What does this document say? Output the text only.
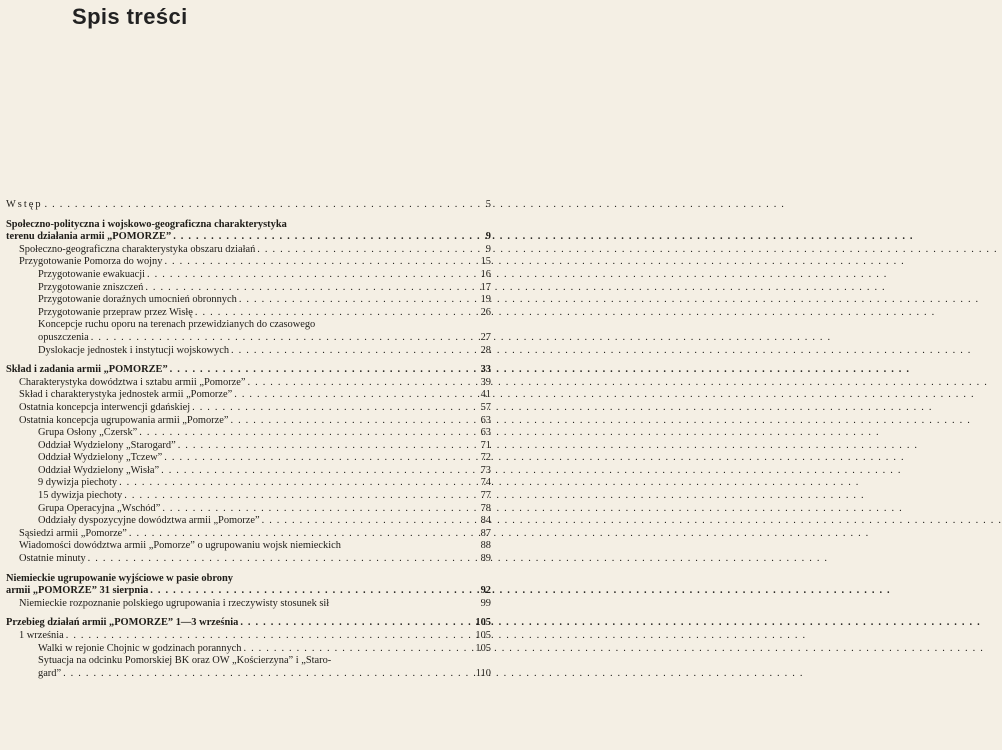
Spis treści
Wstęp . . .	5
Społeczno-polityczna i wojskowo-geograficzna charakterystyka
terenu działania armii „POMORZE” . . .	9
Społeczno-geograficzna charakterystyka obszaru działań . . .	9
Przygotowanie Pomorza do wojny . . .	15
Przygotowanie ewakuacji . . .	16
Przygotowanie zniszczeń . . .	17
Przygotowanie doraźnych umocnień obronnych . . .	19
Przygotowanie przepraw przez Wisłę . . .	26
Koncepcje ruchu oporu na terenach przewidzianych do czasowego
opuszczenia . . .	27
Dyslokacje jednostek i instytucji wojskowych . . .	28
Skład i zadania armii „POMORZE” . . .	33
Charakterystyka dowództwa i sztabu armii „Pomorze” . . .	39
Skład i charakterystyka jednostek armii „Pomorze” . . .	41
Ostatnia koncepcja interwencji gdańskiej . . .	57
Ostatnia koncepcja ugrupowania armii „Pomorze” . . .	63
Grupa Osłony „Czersk” . . .	63
Oddział Wydzielony „Starogard” . . .	71
Oddział Wydzielony „Tczew” . . .	72
Oddział Wydzielony „Wisła” . . .	73
9 dywizja piechoty . . .	74
15 dywizja piechoty . . .	77
Grupa Operacyjna „Wschód” . . .	78
Oddziały dyspozycyjne dowództwa armii „Pomorze” . . .	84
Sąsiedzi armii „Pomorze” . . .	87
Wiadomości dowództwa armii „Pomorze” o ugrupowaniu wojsk niemieckich	88
Ostatnie minuty . . .	89
Niemieckie ugrupowanie wyjściowe w pasie obrony
armii „POMORZE” 31 sierpnia . . .	92
Niemieckie rozpoznanie polskiego ugrupowania i rzeczywisty stosunek sił	99
Przebieg działań armii „POMORZE” 1—3 września . . .	105
1 września . . .	105
Walki w rejonie Chojnic w godzinach porannych . . .	105
Sytuacja na odcinku Pomorskiej BK oraz OW „Kościerzyna” i „Staro-
gard” . . .	110
